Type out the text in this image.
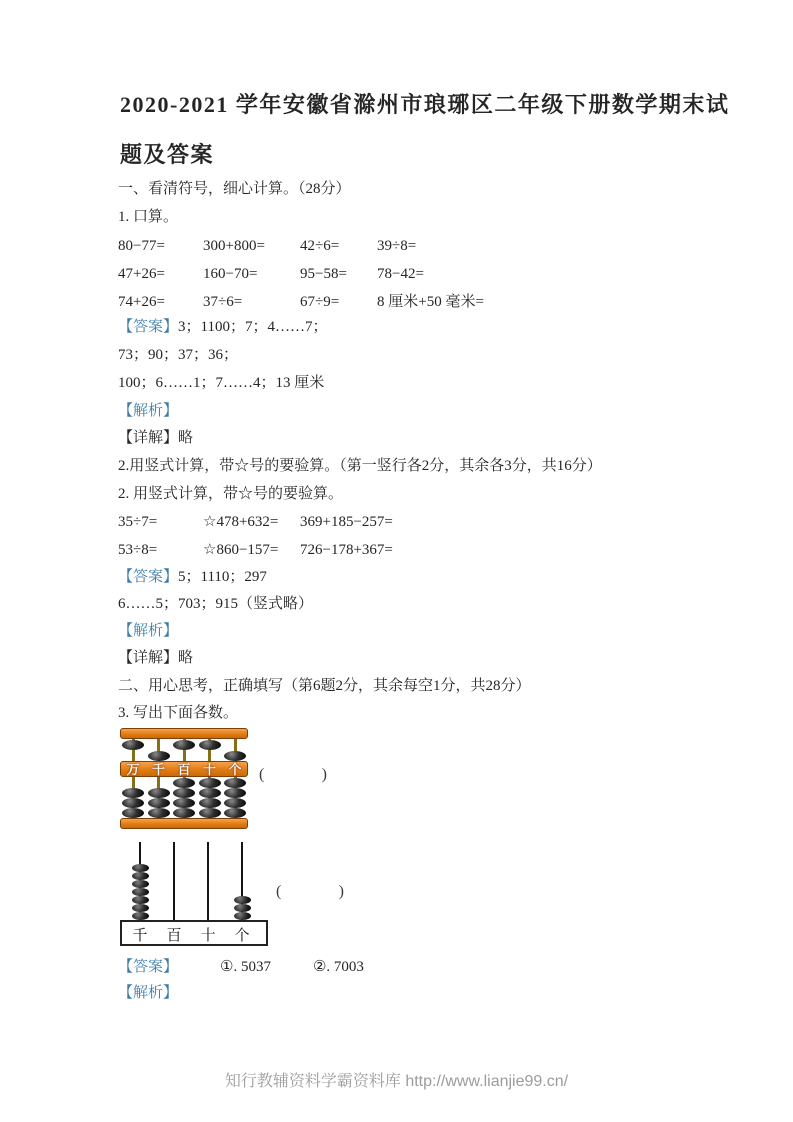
2020-2021 学年安徽省滁州市琅琊区二年级下册数学期末试
题及答案
一、看清符号，细心计算。（28分）
1. 口算。
80−77=	300+800= 42÷6=	39÷8=
47+26=	160−70=	95−58= 78−42=
74+26=	37÷6=	67÷9=	8 厘米+50 毫米=
【答案】3；1100；7；4……7；
73；90；37；36；
100；6……1；7……4；13 厘米
【解析】
【详解】略
2.用竖式计算，带☆号的要验算。（第一竖行各2分，其余各3分，共16分）
2. 用竖式计算，带☆号的要验算。
35÷7=	☆478+632= 369+185−257=
53÷8=	☆860−157= 726−178+367=
【答案】5；1110；297
6……5；703；915（竖式略）
【解析】
【详解】略
二、用心思考，正确填写（第6题2分，其余每空1分，共28分）
3. 写出下面各数。
万 千 百 十 个 (	)
千 百 十 个
(	)
【答案】	①. 5037	②. 7003
【解析】
知行教辅资料学霸资料库 http://www.lianjie99.cn/
